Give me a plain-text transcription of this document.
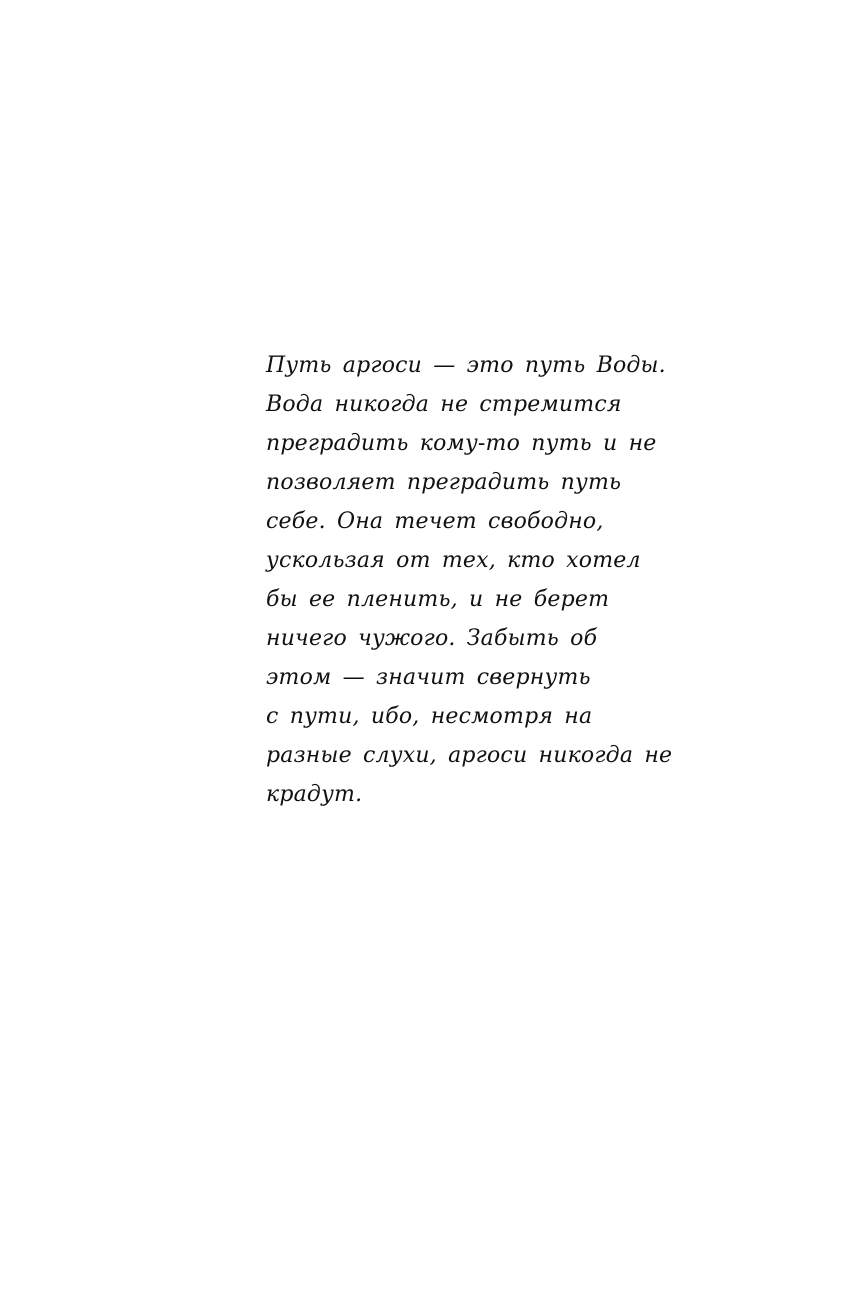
Путь аргоси — это путь Воды.
Вода никогда не стремится
преградить кому-то путь и не
позволяет преградить путь
себе. Она течет свободно,
ускользая от тех, кто хотел
бы ее пленить, и не берет
ничего чужого. Забыть об
этом — значит свернуть
с пути, ибо, несмотря на
разные слухи, аргоси никогда не
крадут.
